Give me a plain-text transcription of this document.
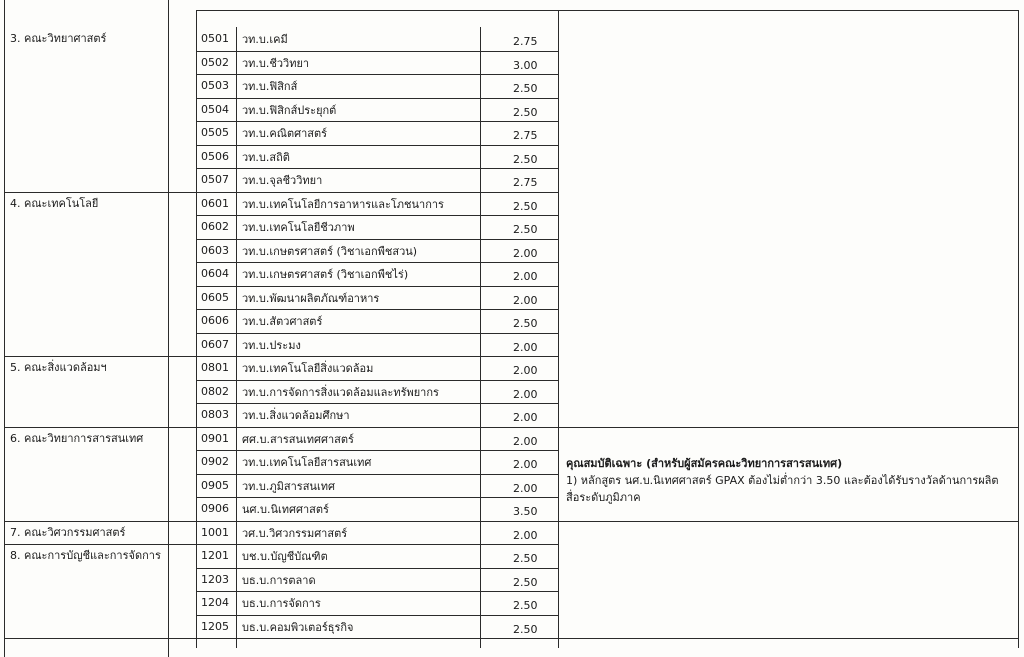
3. คณะวิทยาศาสตร์	0501 วท.บ.เคมี	2.75
0502 วท.บ.ชีววิทยา	3.00
0503 วท.บ.ฟิสิกส์	2.50
0504 วท.บ.ฟิสิกส์ประยุกต์	2.50
0505 วท.บ.คณิตศาสตร์	2.75
0506 วท.บ.สถิติ	2.50
0507 วท.บ.จุลชีววิทยา	2.75
4. คณะเทคโนโลยี	0601 วท.บ.เทคโนโลยีการอาหารและโภชนาการ	2.50
0602 วท.บ.เทคโนโลยีชีวภาพ	2.50
0603 วท.บ.เกษตรศาสตร์ (วิชาเอกพืชสวน)	2.00
0604 วท.บ.เกษตรศาสตร์ (วิชาเอกพืชไร่)	2.00
0605 วท.บ.พัฒนาผลิตภัณฑ์อาหาร	2.00
0606 วท.บ.สัตวศาสตร์	2.50
0607 วท.บ.ประมง	2.00
5. คณะสิ่งแวดล้อมฯ	0801 วท.บ.เทคโนโลยีสิ่งแวดล้อม	2.00
0802 วท.บ.การจัดการสิ่งแวดล้อมและทรัพยากร	2.00
0803 วท.บ.สิ่งแวดล้อมศึกษา	2.00
6. คณะวิทยาการสารสนเทศ	0901 ศศ.บ.สารสนเทศศาสตร์	2.00
0902 วท.บ.เทคโนโลยีสารสนเทศ	2.00
0905 วท.บ.ภูมิสารสนเทศ	2.00
0906 นศ.บ.นิเทศศาสตร์	3.50
7. คณะวิศวกรรมศาสตร์	1001 วศ.บ.วิศวกรรมศาสตร์	2.00
8. คณะการบัญชีและการจัดการ	1201 บช.บ.บัญชีบัณฑิต	2.50
1203 บธ.บ.การตลาด	2.50
1204 บธ.บ.การจัดการ	2.50
1205 บธ.บ.คอมพิวเตอร์ธุรกิจ	2.50
คุณสมบัติเฉพาะ (สำหรับผู้สมัครคณะวิทยาการสารสนเทศ)
1) หลักสูตร นศ.บ.นิเทศศาสตร์ GPAX ต้องไม่ต่ำกว่า 3.50 และต้องได้รับรางวัลด้านการผลิตสื่อระดับภูมิภาค
